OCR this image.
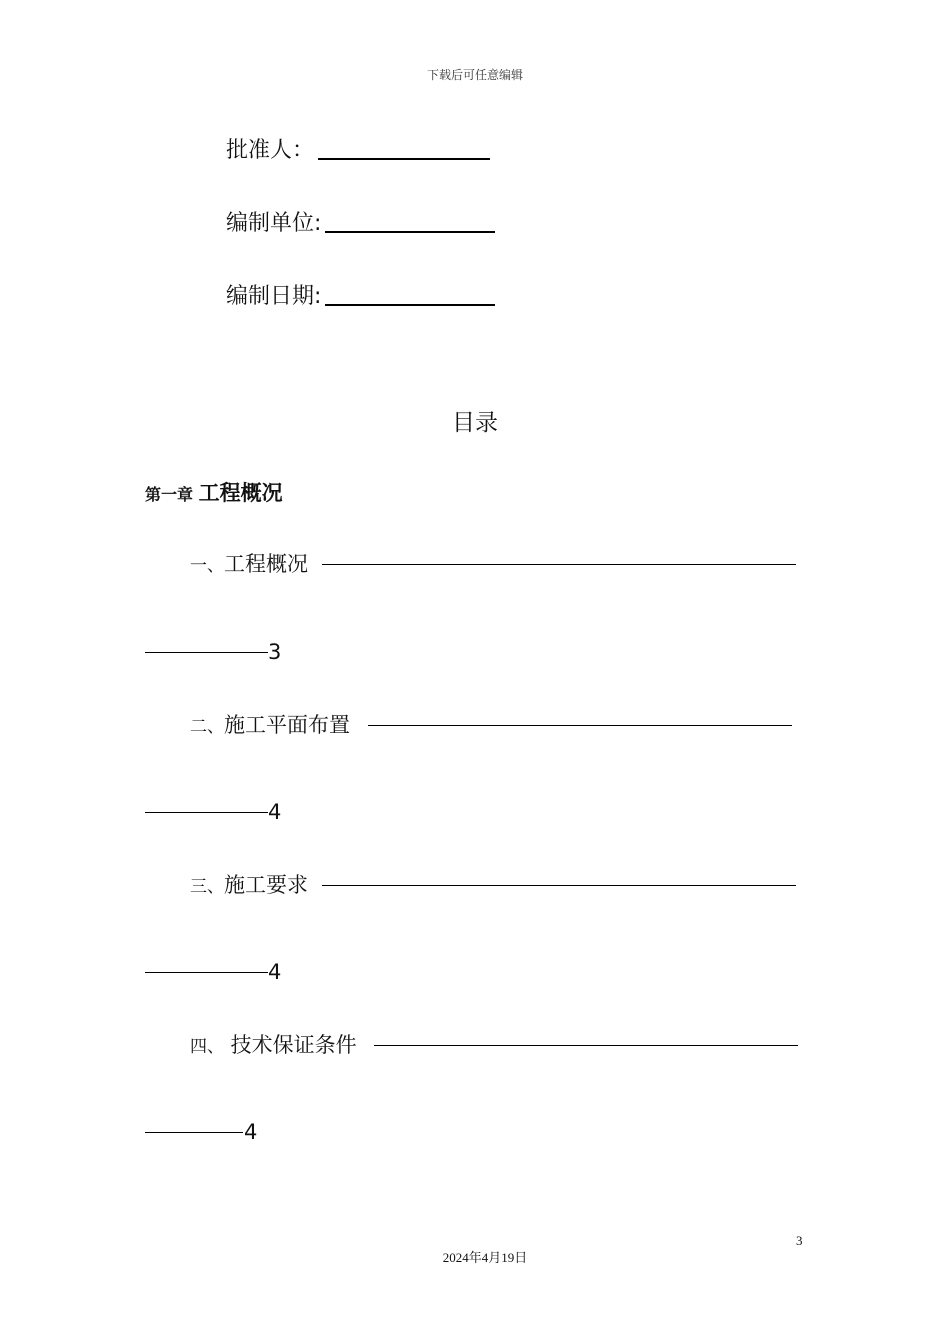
下载后可任意编辑
批准人：
编制单位:
编制日期:
目录
第一章 工程概况
一、工程概况
3
二、施工平面布置
4
三、施工要求
4
四、 技术保证条件
4
3
2024年4月19日
